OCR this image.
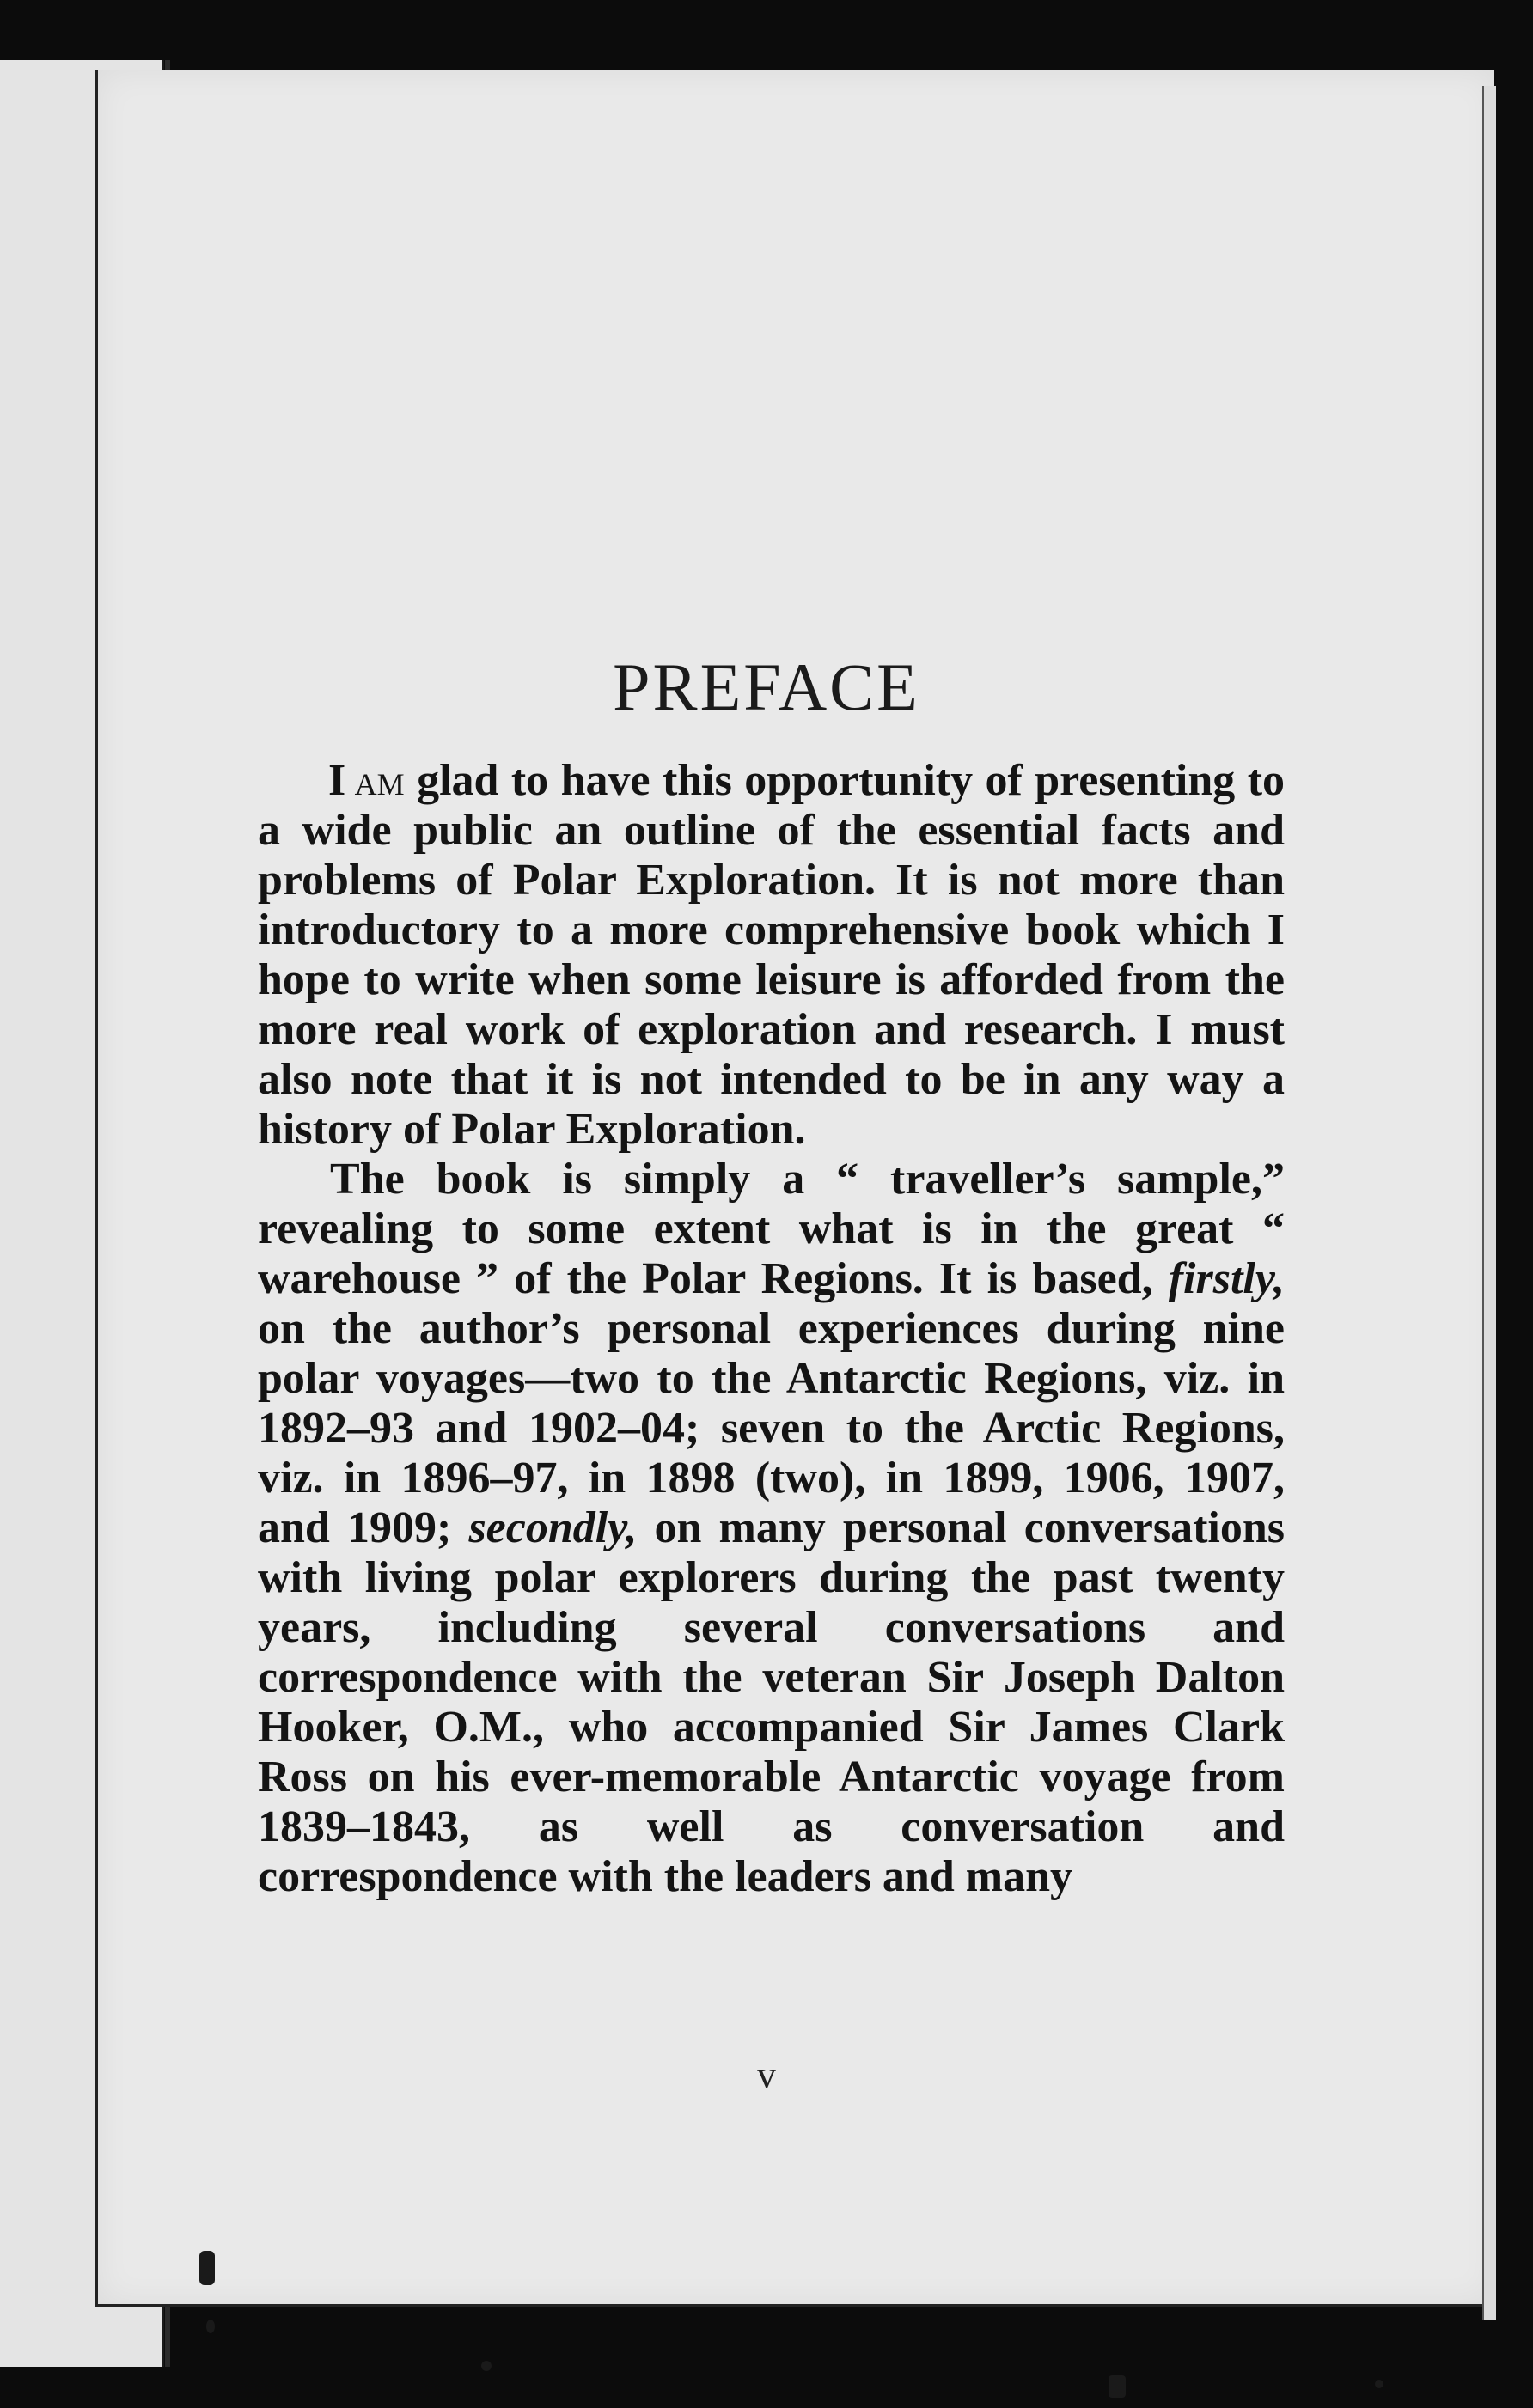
PREFACE

I  am glad to have this opportunity of presenting to a wide public an outline of the essential facts and problems of Polar Exploration. It is not more than introductory to a more comprehensive book which I hope to write when some leisure is afforded from the more real work of exploration and research. I must also note that it is not intended to be in any way a history of Polar Exploration.

The book is simply a “ traveller’s sample,” revealing to some extent what is in the great “ warehouse ” of the Polar Regions. It is based, firstly, on the author’s personal experiences during nine polar voyages—two to the Antarctic Regions, viz. in 1892–93 and 1902–04; seven to the Arctic Regions, viz. in 1896–97, in 1898 (two), in 1899, 1906, 1907, and 1909; secondly, on many personal conversations with living polar explorers during the past twenty years, including several conversations and correspondence with the veteran Sir Joseph Dalton Hooker, O.M., who accompanied Sir James Clark Ross on his ever-memorable Antarctic voyage from 1839–1843, as well as conversation and correspondence with the leaders and many

v
